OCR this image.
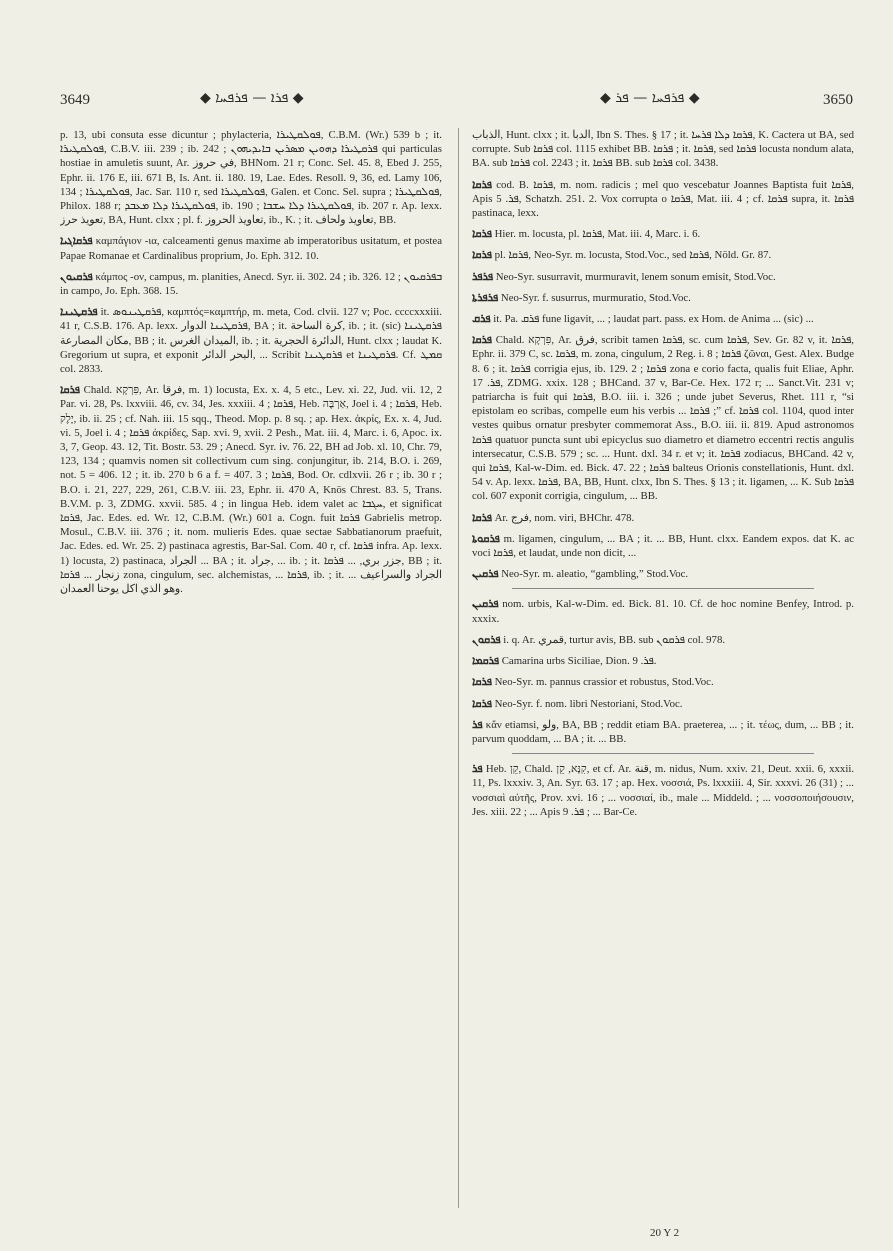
3649	◆ ܦܪܐ — ܦܪܦܚܐ ◆	◆ ܦܪܦܚܐ — ܦܪ ◆	3650

p. 13, ubi consuta esse dicuntur ; phylacteria, ܦܘܠܩܛܝܪܐ, C.B.M. (Wr.) 539 b ; it. ܦܘܠܩܛܝܪܐ, C.B.V. iii. 239 ; ib. 242 ; ܦܪܩܛܝܪܐ ܕܗܘܝܢ ܡܣܪܝܢ ܒܐܝܕܝܗܘܢ qui particulas hostiae in amuletis suunt, Ar. في حروز, BHNom. 21 r; Conc. Sel. 45. 8, Ebed J. 255, Ephr. ii. 176 E, iii. 671 B, Is. Ant. ii. 180. 19, Lae. Edes. Resoll. 9, 36, ed. Lamy 106, 134 ; ܦܘܠܩܛܝܪܐ, Jac. Sar. 110 r, sed ܦܘܠܩܛܝܪܐ, Galen. et Conc. Sel. supra ; ܦܘܠܩܛܝܪܐ, Philox. 188 r; ܦܘܠܩܛܝܪܐ ܕܠܐ ܡܥܒܕ, ib. 190 ; ܦܘܠܩܛܝܪܐ ܕܠܐ ܚܫܒܐ, ib. 207 r. Ap. lexx. تعويذ حرز, BA, Hunt. clxx ; pl. f. تعاويذ الحروز, ib., K. ; it. تعاويذ ولحاف, BB.

ܦܪܩܐܓܝܐ καμπάγιον -ια, calceamenti genus maxime ab imperatoribus usitatum, et postea Papae Romanae et Cardinalibus proprium, Jo. Eph. 312. 10.

ܦܪܩܝܘܢ κάμπος -ον, campus, m. planities, Anecd. Syr. ii. 302. 24 ; ib. 326. 12 ; ܒܦܪܩܝܘܢ in campo, Jo. Eph. 368. 15.

ܦܪܩܛܝܢܐ it. ܦܪܩܛܝܢܘܣ, καμπτός=καμπτήρ, m. meta, Cod. clvii. 127 v; Poc. ccccxxxiii. 41 r, C.S.B. 176. Ap. lexx. ܦܪܩܛܝܢܐ الدوار, BA ; it. كرة الساحة, ib. ; it. (sic) ܦܪܩܛܝܢܐ مكان المصارعة, BB ; it. الميدان الغرس, ib. ; it. الدائرة الحجرية, Hunt. clxx ; laudat K. Gregorium ut supra, et exponit البحر الدائر, ... Scribit ܦܪܩܛܝܢܐ et ܦܪܩܛܝܢܐ. Cf. ܩܡܛ col. 2833.

ܦܪܩܐ Chald. פִּרְקָא, Ar. فرقا, m. 1) locusta, Ex. x. 4, 5 etc., Lev. xi. 22, Jud. vii. 12, 2 Par. vi. 28, Ps. lxxviii. 46, cv. 34, Jes. xxxiii. 4 ; ܦܪܩܐ, Heb. אַרְבֶּה, Joel i. 4 ; ܦܪܩܐ, Heb. יֶלֶק, ib. ii. 25 ; cf. Nah. iii. 15 sqq., Theod. Mop. p. 8 sq. ; ap. Hex. ἀκρίς, Ex. x. 4, Jud. vi. 5, Joel i. 4 ; ܦܪܩܐ ἀκρίδες, Sap. xvi. 9, xvii. 2 Pesh., Mat. iii. 4, Marc. i. 6, Apoc. ix. 3, 7, Geop. 43. 12, Tit. Bostr. 53. 29 ; Anecd. Syr. iv. 76. 22, BH ad Job. xl. 10, Chr. 79, 123, 134 ; quamvis nomen sit collectivum cum sing. conjungitur, ib. 214, B.O. i. 269, not. 5 = 406. 12 ; it. ib. 270 b 6 a f. = 407. 3 ; ܦܪܩܐ, Bod. Or. cdlxvii. 26 r ; ib. 30 r ; B.O. i. 21, 227, 229, 261, C.B.V. iii. 23, Ephr. ii. 470 A, Knös Chrest. 83. 5, Trans. B.V.M. p. 3, ZDMG. xxvii. 585. 4 ; in lingua Heb. idem valet ac ܚܓܒܐ, et significat ܦܪܩܐ, Jac. Edes. ed. Wr. 12, C.B.M. (Wr.) 601 a. Cogn. fuit ܦܪܩܐ Gabrielis metrop. Mosul., C.B.V. iii. 376 ; it. nom. mulieris Edes. quae sectae Sabbatianorum praefuit, Jac. Edes. ed. Wr. 25. 2) pastinaca agrestis, Bar-Sal. Com. 40 r, cf. ܦܪܩܐ infra. Ap. lexx. 1) locusta, 2) pastinaca, الجراد ... BA ; it. جراد, ... ib. ; it. جزر بري, ... ܦܪܩܐ, BB ; it. زنجار ... ܦܪܩܐ zona, cingulum, sec. alchemistas, ... ܦܪܩܐ, ib. ; it. الجراد والسراعيف ... وهو الذي اكل يوحنا العمدان.

الذباب, Hunt. clxx ; it. الدبا, Ibn S. Thes. § 17 ; it. ܦܪܩܐ ܕܠܐ ܦܪܚܐ, K. Cactera ut BA, sed corrupte. Sub ܦܪܩܐ col. 1115 exhibet BB. ܦܪܩܐ ; it. ܦܪܩܐ, sed ܦܪܩܐ locusta nondum alata, BA. sub ܦܪܩܐ col. 2243 ; it. ܦܪܩܐ BB. sub ܦܪܩܐ col. 3438.

ܦܪܩܐ cod. B. ܦܪܩܐ, m. nom. radicis ; mel quo vescebatur Joannes Baptista fuit ܦܪܩܐ, Apis ܦܪ. 5, Schatzh. 251. 2. Vox corrupta o ܦܪܩܐ, Mat. iii. 4 ; cf. ܦܪܩܐ supra, it. ܦܪܩܐ pastinaca, lexx.

ܦܪܩܐ Hier. m. locusta, pl. ܦܪܩܐ, Mat. iii. 4, Marc. i. 6.

ܦܪܩܐ pl. ܦܪܩܐ, Neo-Syr. m. locusta, Stod.Voc., sed ܦܪܩܐ, Nöld. Gr. 87.

ܦܪܦܪ Neo-Syr. susurravit, murmuravit, lenem sonum emisit, Stod.Voc.

ܦܪܦܪܬܐ Neo-Syr. f. susurrus, murmuratio, Stod.Voc.

ܦܪܩ it. Pa. ܦܪܩ fune ligavit, ... ; laudat part. pass. ex Hom. de Anima ... (sic) ...

ܦܪܩܐ Chald. פִּרְקָא, Ar. فرق, scribit tamen ܦܪܩܐ, sc. cum ܦܪܩܐ, Sev. Gr. 82 v, it. ܦܪܩܐ, Ephr. ii. 379 C, sc. ܦܪܩܐ, m. zona, cingulum, 2 Reg. i. 8 ; ܦܪܩܐ ζῶναι, Gest. Alex. Budge 8. 6 ; it. ܦܪܩܐ corrigia ejus, ib. 129. 2 ; ܦܪܩܐ zona e corio facta, qualis fuit Eliae, Aphr. ܦܪ. 17, ZDMG. xxix. 128 ; BHCand. 37 v, Bar-Ce. Hex. 172 r; ... Sanct.Vit. 231 v; patriarcha is fuit qui ܦܪܩܐ, B.O. iii. i. 326 ; unde jubet Severus, Rhet. 111 r, “si epistolam eo scribas, compelle eum his verbis ... ܦܪܩܐ ;” cf. ܦܪܩܐ col. 1104, quod inter vestes quibus ornatur presbyter commemorat Ass., B.O. iii. ii. 819. Apud astronomos ܦܪܩܐ quatuor puncta sunt ubi epicyclus suo diametro et diametro eccentri rectis angulis intersecatur, C.S.B. 579 ; sc. ... Hunt. dxl. 34 r. et v; it. ܦܪܩܐ zodiacus, BHCand. 42 v, qui ܦܪܩܐ, Kal-w-Dim. ed. Bick. 47. 22 ; ܦܪܩܐ balteus Orionis constellationis, Hunt. dxl. 54 v. Ap. lexx. ܦܪܩܐ, BA, BB, Hunt. clxx, Ibn S. Thes. § 13 ; it. ligamen, ... K. Sub ܦܪܩܐ col. 607 exponit corrigia, cingulum, ... BB.

ܦܪܩܐ Ar. فرج, nom. viri, BHChr. 478.

ܦܪܩܘܬܐ m. ligamen, cingulum, ... BA ; it. ... BB, Hunt. clxx. Eandem expos. dat K. ac voci ܦܪܩܐ, et laudat, unde non dicit, ...

ܦܪܩܝܢ Neo-Syr. m. aleatio, “gambling,” Stod.Voc.

ܦܪܩܝܢ nom. urbis, Kal-w-Dim. ed. Bick. 81. 10. Cf. de hoc nomine Benfey, Introd. p. xxxix.

ܦܪܩܘܢ i. q. Ar. قمري, turtur avis, BB. sub ܦܪܩܘܢ col. 978.

ܦܪܩܡܐ Camarina urbs Siciliae, Dion. ܦܪ. 9.

ܦܪܩܐ Neo-Syr. m. pannus crassior et robustus, Stod.Voc.

ܦܪܩܐ Neo-Syr. f. nom. libri Nestoriani, Stod.Voc.

ܦܪ κἄν etiamsi, ولو, BA, BB ; reddit etiam BA. praeterea, ... ; it. τέως, dum, ... BB ; it. parvum quoddam, ... BA ; it. ... BB.

ܦܪ Heb. קֵן, Chald. קִנָּא, קֵן, et cf. Ar. قنة, m. nidus, Num. xxiv. 21, Deut. xxii. 6, xxxii. 11, Ps. lxxxiv. 3, An. Syr. 63. 17 ; ap. Hex. νοσσιά, Ps. lxxxiii. 4, Sir. xxxvi. 26 (31) ; ... νοσσιαὶ αὐτῆς, Prov. xvi. 16 ; ... νοσσιαί, ib., male ... Middeld. ; ... νοσσοποιήσουσιν, Jes. xiii. 22 ; ... Apis ܦܪ. 9 ; ... Bar-Ce.

20 Y 2
